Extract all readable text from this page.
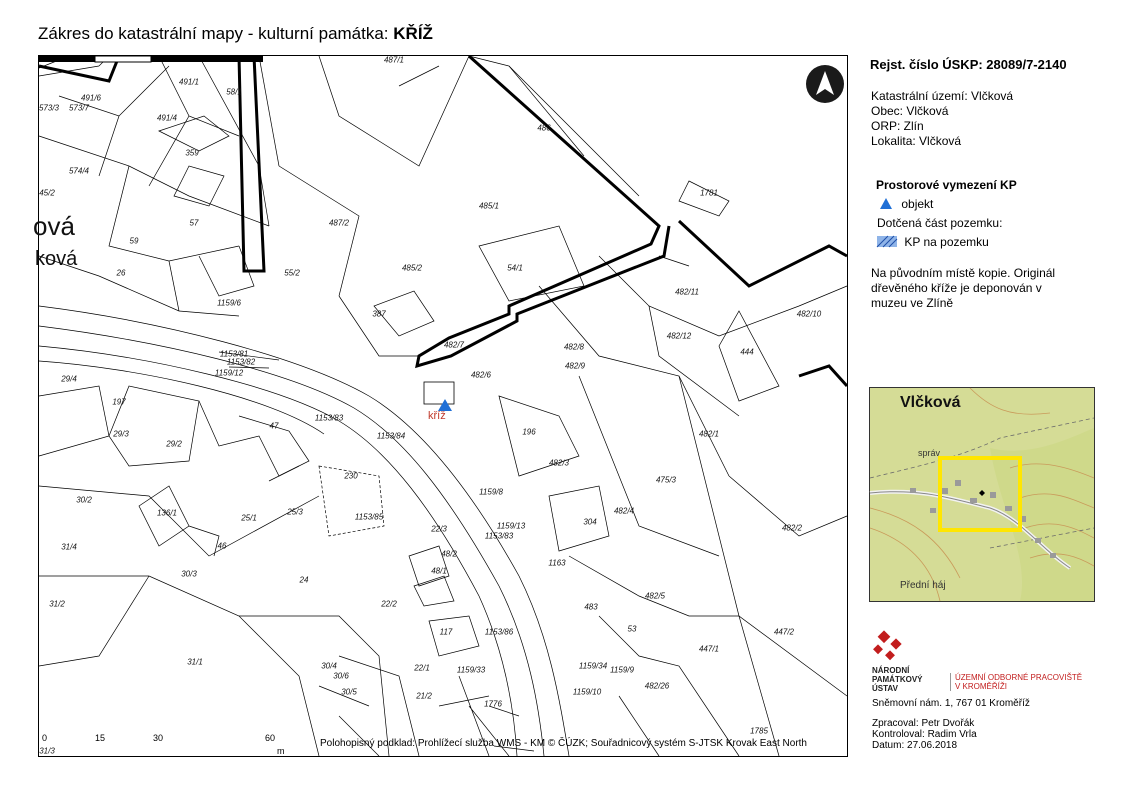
Zákres do katastrální mapy - kulturní památka: KŘÍŽ
ová
ková
487/1
491/1
491/6
58/1
573/3 573/7
491/4
359
574/4
45/2
57
59
26	55/2
487/2
486
485/1
1781
485/2	54/1
387
1159/6
482/11
482/10
482/12
444
1153/81
1153/82
1159/12
482/7	482/8
482/9
482/6
29/4
197
29/3
29/2
47
1153/83
1153/84	196	482/1
230
482/3
475/3
30/2
136/1
25/1
25/3
1153/85
22/3
1159/8
1153/83
1159/13	304
482/4
482/2
31/4	46
48/2
48/1
1163
30/3
24
22/2	483
482/5
31/2
117	53
1153/86	447/2
31/1
447/1
30/4
30/6
22/1	1159/33
30/5	21/2	1159/10
1776
1785
31/3
1159/34 1159/9
482/26
kříž
0	15	30	60
m
Polohopisný podklad: Prohlížecí služba WMS - KM © ČÚZK; Souřadnicový systém S-JTSK Krovak East North
Rejst. číslo ÚSKP: 28089/7-2140
Katastrální území: Vlčková
Obec: Vlčková
ORP: Zlín
Lokalita: Vlčková
Prostorové vymezení KP
objekt
Dotčená část pozemku:
KP na pozemku
Na původním místě kopie. Originál dřevěného kříže je deponován v muzeu ve Zlíně
Vlčková
správ
Přední háj
NÁRODNÍ
PAMÁTKOVÝ
ÚSTAV
ÚZEMNÍ ODBORNÉ PRACOVIŠTĚ
V KROMĚŘÍŽI
Sněmovní nám. 1, 767 01 Kroměříž
Zpracoval: Petr Dvořák
Kontroloval: Radim Vrla
Datum: 27.06.2018
